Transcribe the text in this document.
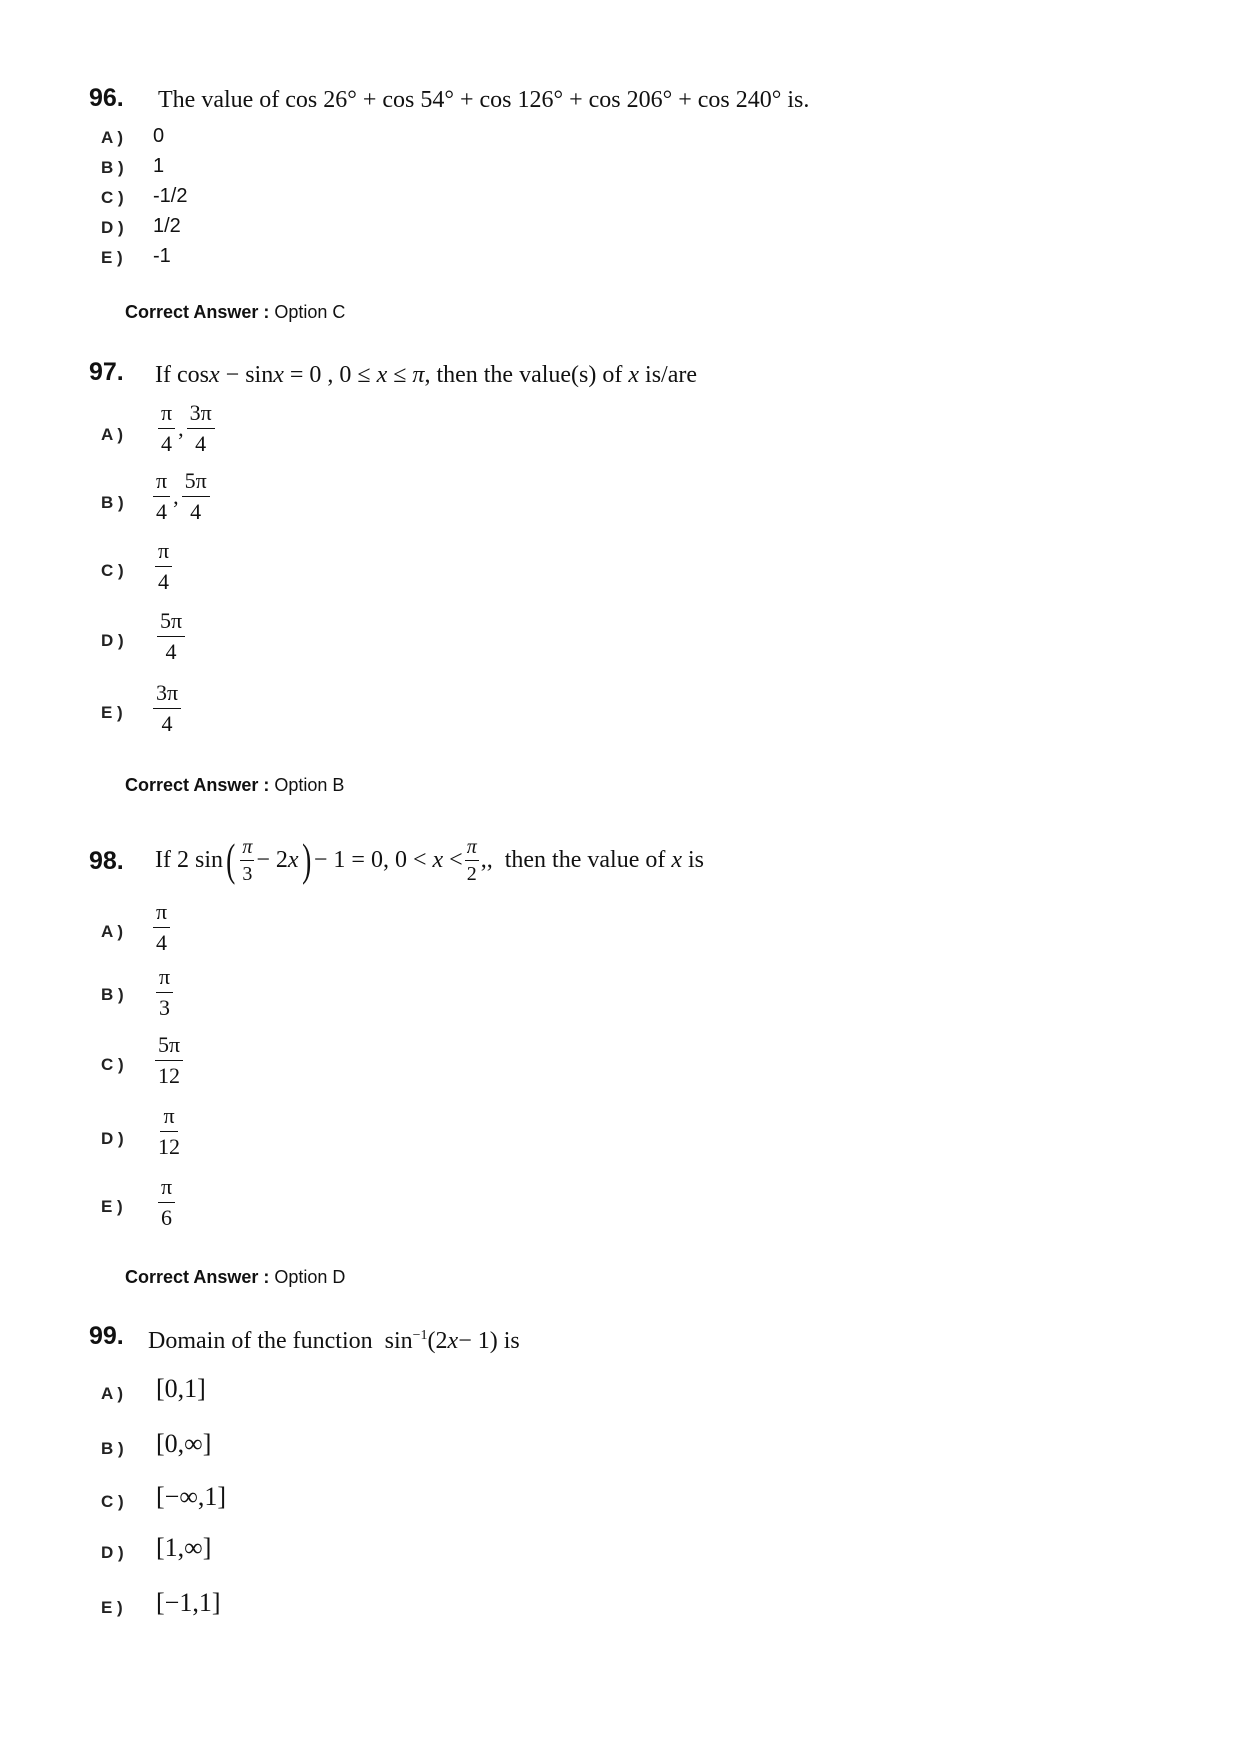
96. The value of cos 26° + cos 54° + cos 126° + cos 206° + cos 240° is.
A ) 0
B ) 1
C ) -1/2
D ) 1/2
E ) -1
Correct Answer : Option C
97. If cosx − sinx = 0 , 0 ≤ x ≤ π, then the value(s) of x is/are
A )
π
4
,
3π
4
B )
π
4
,
5π
4
C )
π
4
D )
5π
4
E )
3π
4
Correct Answer : Option B
98. If 2 sin ( $\frac{\pi}{3} - 2$ x ) − 1 = 0, 0 <
x
< $\frac{\pi}{2}$ ,,
then the value of
x
is
A )
π
4
B )
π
3
C )
5π
12
D )
π
12
E )
π
6
Correct Answer : Option D
99. Domain of the function $\sin^{-1}(2x- 1)$ is
A ) [0,1]
B ) [0,∞]
C ) [−∞,1]
D ) [1,∞]
E ) [−1,1]
